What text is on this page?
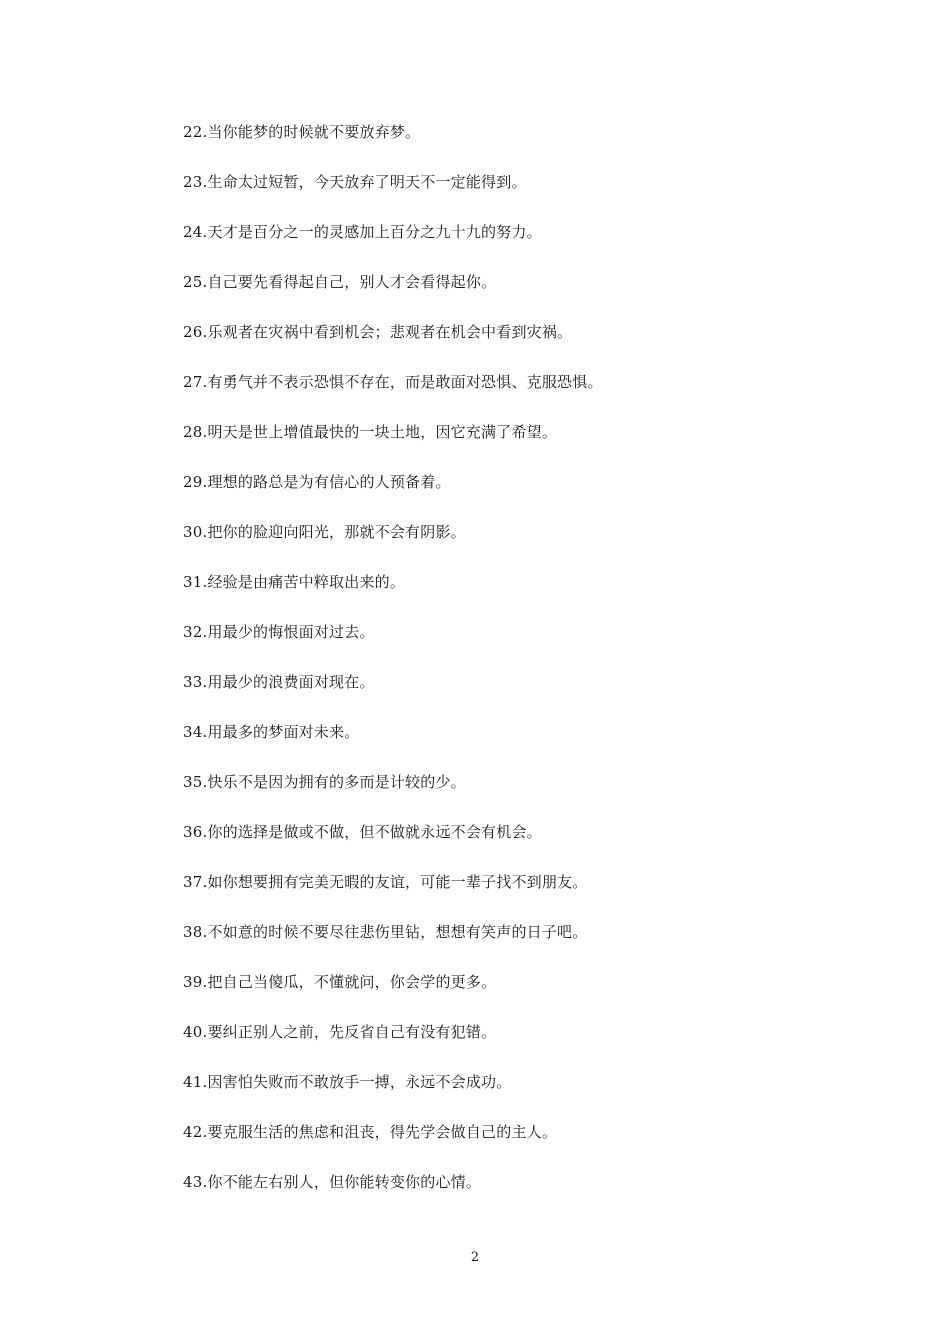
22.当你能梦的时候就不要放弃梦。
23.生命太过短暂，今天放弃了明天不一定能得到。
24.天才是百分之一的灵感加上百分之九十九的努力。
25.自己要先看得起自己，别人才会看得起你。
26.乐观者在灾祸中看到机会；悲观者在机会中看到灾祸。
27.有勇气并不表示恐惧不存在，而是敢面对恐惧、克服恐惧。
28.明天是世上增值最快的一块土地，因它充满了希望。
29.理想的路总是为有信心的人预备着。
30.把你的脸迎向阳光，那就不会有阴影。
31.经验是由痛苦中粹取出来的。
32.用最少的悔恨面对过去。
33.用最少的浪费面对现在。
34.用最多的梦面对未来。
35.快乐不是因为拥有的多而是计较的少。
36.你的选择是做或不做，但不做就永远不会有机会。
37.如你想要拥有完美无暇的友谊，可能一辈子找不到朋友。
38.不如意的时候不要尽往悲伤里钻，想想有笑声的日子吧。
39.把自己当傻瓜，不懂就问，你会学的更多。
40.要纠正别人之前，先反省自己有没有犯错。
41.因害怕失败而不敢放手一搏，永远不会成功。
42.要克服生活的焦虑和沮丧，得先学会做自己的主人。
43.你不能左右别人，但你能转变你的心情。
2
